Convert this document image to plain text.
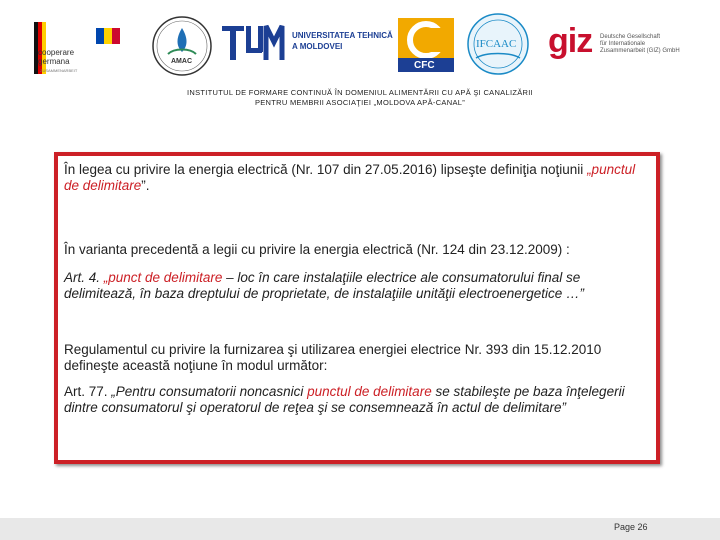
cooperare
germana
ZUSAMMENARBEIT
AMAC
UNIVERSITATEA TEHNICĂ
A MOLDOVEI
CFC
IFCAAC giz Deutsche Gesellschaft
für Internationale
Zusammenarbeit (GIZ) GmbH
INSTITUTUL DE FORMARE CONTINUĂ ÎN DOMENIUL ALIMENTĂRII CU APĂ ŞI CANALIZĂRII
PENTRU MEMBRII ASOCIAŢIEI „MOLDOVA APĂ-CANAL”

În legea cu privire la energia electrică (Nr. 107 din 27.05.2016) lipseşte definiţia noţiunii „punctul de delimitare”.

În varianta precedentă a legii cu privire la energia electrică (Nr. 124 din 23.12.2009) :

Art. 4. „punct de delimitare – loc în care instalaţiile electrice ale consumatorului final se delimitează, în baza dreptului de proprietate, de instalaţiile unităţii electroenergetice …”

Regulamentul cu privire la furnizarea şi utilizarea energiei electrice Nr. 393 din 15.12.2010 defineşte această noţiune în modul următor:

Art. 77. „Pentru consumatorii noncasnici punctul de delimitare se stabileşte pe baza înţelegerii dintre consumatorul şi operatorul de reţea şi se consemnează în actul de delimitare”

Page 26
